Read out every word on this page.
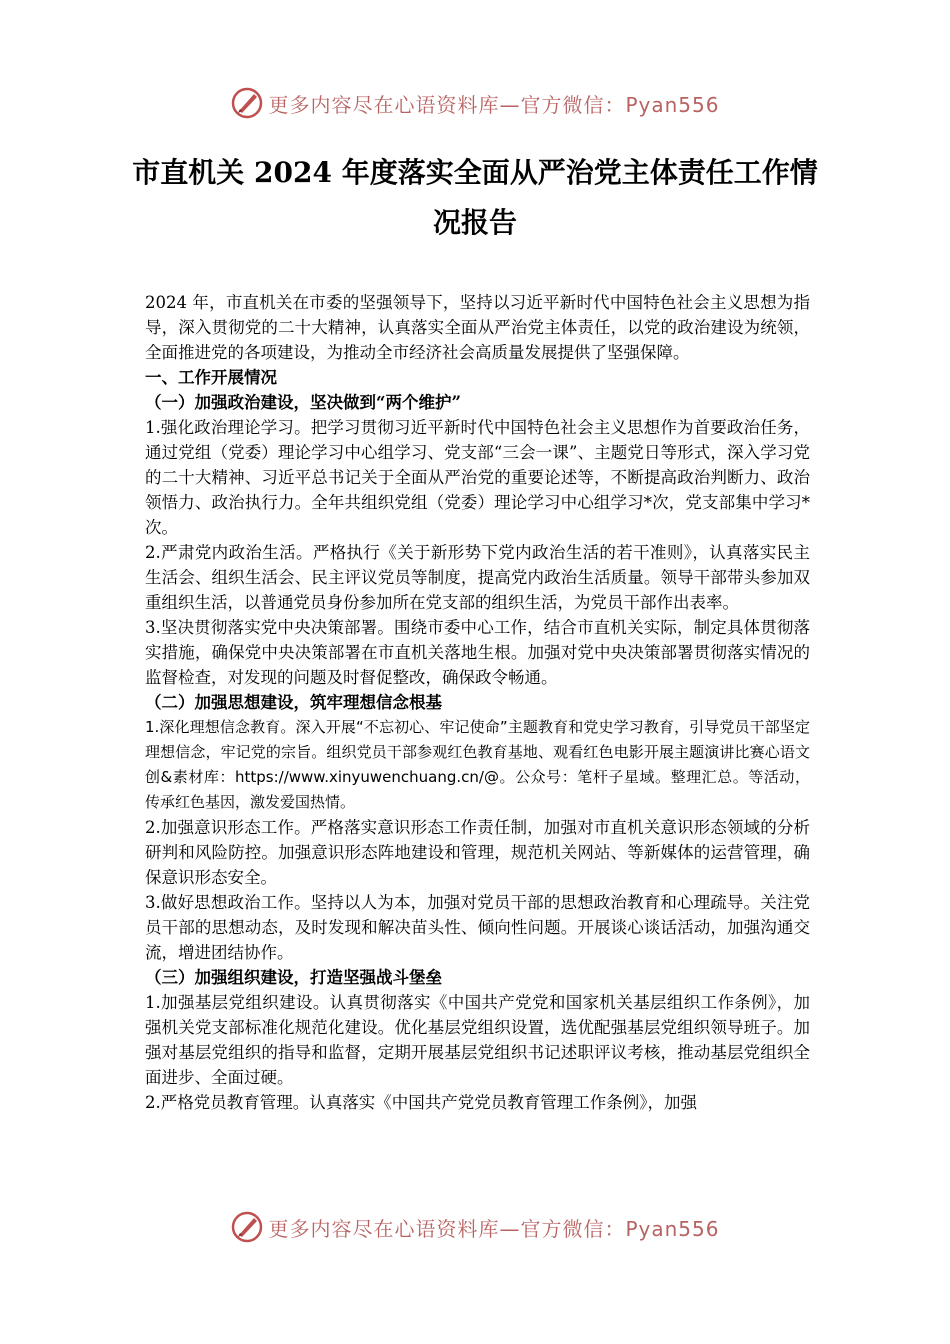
更多内容尽在心语资料库—官方微信：Pyan556
市直机关 2024 年度落实全面从严治党主体责任工作情况报告

2024 年，市直机关在市委的坚强领导下，坚持以习近平新时代中国特色社会主义思想为指导，深入贯彻党的二十大精神，认真落实全面从严治党主体责任，以党的政治建设为统领，全面推进党的各项建设，为推动全市经济社会高质量发展提供了坚强保障。

一、工作开展情况

（一）加强政治建设，坚决做到“两个维护”

1.强化政治理论学习。把学习贯彻习近平新时代中国特色社会主义思想作为首要政治任务，通过党组（党委）理论学习中心组学习、党支部“三会一课”、主题党日等形式，深入学习党的二十大精神、习近平总书记关于全面从严治党的重要论述等，不断提高政治判断力、政治领悟力、政治执行力。全年共组织党组（党委）理论学习中心组学习*次，党支部集中学习*次。

2.严肃党内政治生活。严格执行《关于新形势下党内政治生活的若干准则》，认真落实民主生活会、组织生活会、民主评议党员等制度，提高党内政治生活质量。领导干部带头参加双重组织生活，以普通党员身份参加所在党支部的组织生活，为党员干部作出表率。

3.坚决贯彻落实党中央决策部署。围绕市委中心工作，结合市直机关实际，制定具体贯彻落实措施，确保党中央决策部署在市直机关落地生根。加强对党中央决策部署贯彻落实情况的监督检查，对发现的问题及时督促整改，确保政令畅通。

（二）加强思想建设，筑牢理想信念根基

1.深化理想信念教育。深入开展“不忘初心、牢记使命”主题教育和党史学习教育，引导党员干部坚定理想信念，牢记党的宗旨。组织党员干部参观红色教育基地、观看红色电影开展主题演讲比赛心语文创&素材库：https://www.xinyuwenchuang.cn/@。公众号：笔杆子星域。整理汇总。等活动，传承红色基因，激发爱国热情。

2.加强意识形态工作。严格落实意识形态工作责任制，加强对市直机关意识形态领域的分析研判和风险防控。加强意识形态阵地建设和管理，规范机关网站、等新媒体的运营管理，确保意识形态安全。

3.做好思想政治工作。坚持以人为本，加强对党员干部的思想政治教育和心理疏导。关注党员干部的思想动态，及时发现和解决苗头性、倾向性问题。开展谈心谈话活动，加强沟通交流，增进团结协作。

（三）加强组织建设，打造坚强战斗堡垒

1.加强基层党组织建设。认真贯彻落实《中国共产党党和国家机关基层组织工作条例》，加强机关党支部标准化规范化建设。优化基层党组织设置，选优配强基层党组织领导班子。加强对基层党组织的指导和监督，定期开展基层党组织书记述职评议考核，推动基层党组织全面进步、全面过硬。

2.严格党员教育管理。认真落实《中国共产党党员教育管理工作条例》，加强

更多内容尽在心语资料库—官方微信：Pyan556
